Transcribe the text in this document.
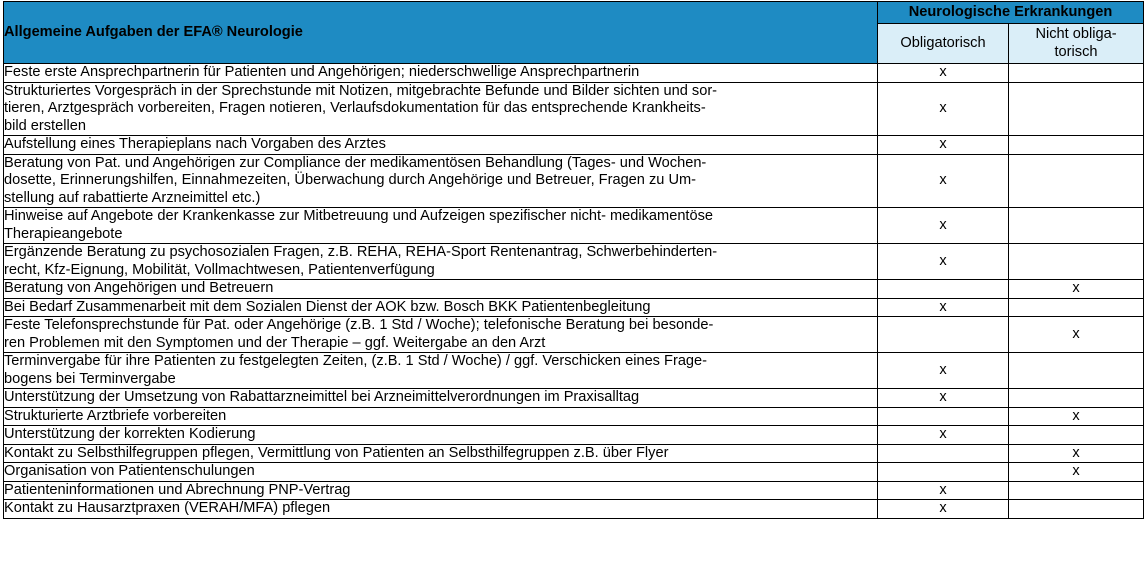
Allgemeine Aufgaben der EFA® Neurologie	Neurologische Erkrankungen	
	Obligatorisch	Nicht obliga-
torisch
Feste erste Ansprechpartnerin für Patienten und Angehörigen; niederschwellige Ansprechpartnerin	x	
Strukturiertes Vorgespräch in der Sprechstunde mit Notizen, mitgebrachte Befunde und Bilder sichten und sor-
tieren, Arztgespräch vorbereiten, Fragen notieren, Verlaufsdokumentation für das entsprechende Krankheits-
bild erstellen	x	
Aufstellung eines Therapieplans nach Vorgaben des Arztes	x	
Beratung von Pat. und Angehörigen zur Compliance der medikamentösen Behandlung (Tages- und Wochen-
dosette, Erinnerungshilfen, Einnahmezeiten, Überwachung durch Angehörige und Betreuer, Fragen zu Um-
stellung auf rabattierte Arzneimittel etc.)	x	
Hinweise auf Angebote der Krankenkasse zur Mitbetreuung und Aufzeigen spezifischer nicht- medikamentöse
Therapieangebote	x	
Ergänzende Beratung zu psychosozialen Fragen, z.B. REHA, REHA-Sport Rentenantrag, Schwerbehinderten-
recht, Kfz-Eignung, Mobilität, Vollmachtwesen, Patientenverfügung	x	
Beratung von Angehörigen und Betreuern		x
Bei Bedarf Zusammenarbeit mit dem Sozialen Dienst der AOK bzw. Bosch BKK Patientenbegleitung	x	
Feste Telefonsprechstunde für Pat. oder Angehörige (z.B. 1 Std / Woche); telefonische Beratung bei besonde-
ren Problemen mit den Symptomen und der Therapie – ggf. Weitergabe an den Arzt		x
Terminvergabe für ihre Patienten zu festgelegten Zeiten, (z.B. 1 Std / Woche) / ggf. Verschicken eines Frage-
bogens bei Terminvergabe	x	
Unterstützung der Umsetzung von Rabattarzneimittel bei Arzneimittelverordnungen im Praxisalltag	x	
Strukturierte Arztbriefe vorbereiten		x
Unterstützung der korrekten Kodierung	x	
Kontakt zu Selbsthilfegruppen pflegen, Vermittlung von Patienten an Selbsthilfegruppen z.B. über Flyer		x
Organisation von Patientenschulungen		x
Patienteninformationen und Abrechnung PNP-Vertrag	x	
Kontakt zu Hausarztpraxen (VERAH/MFA) pflegen	x	
